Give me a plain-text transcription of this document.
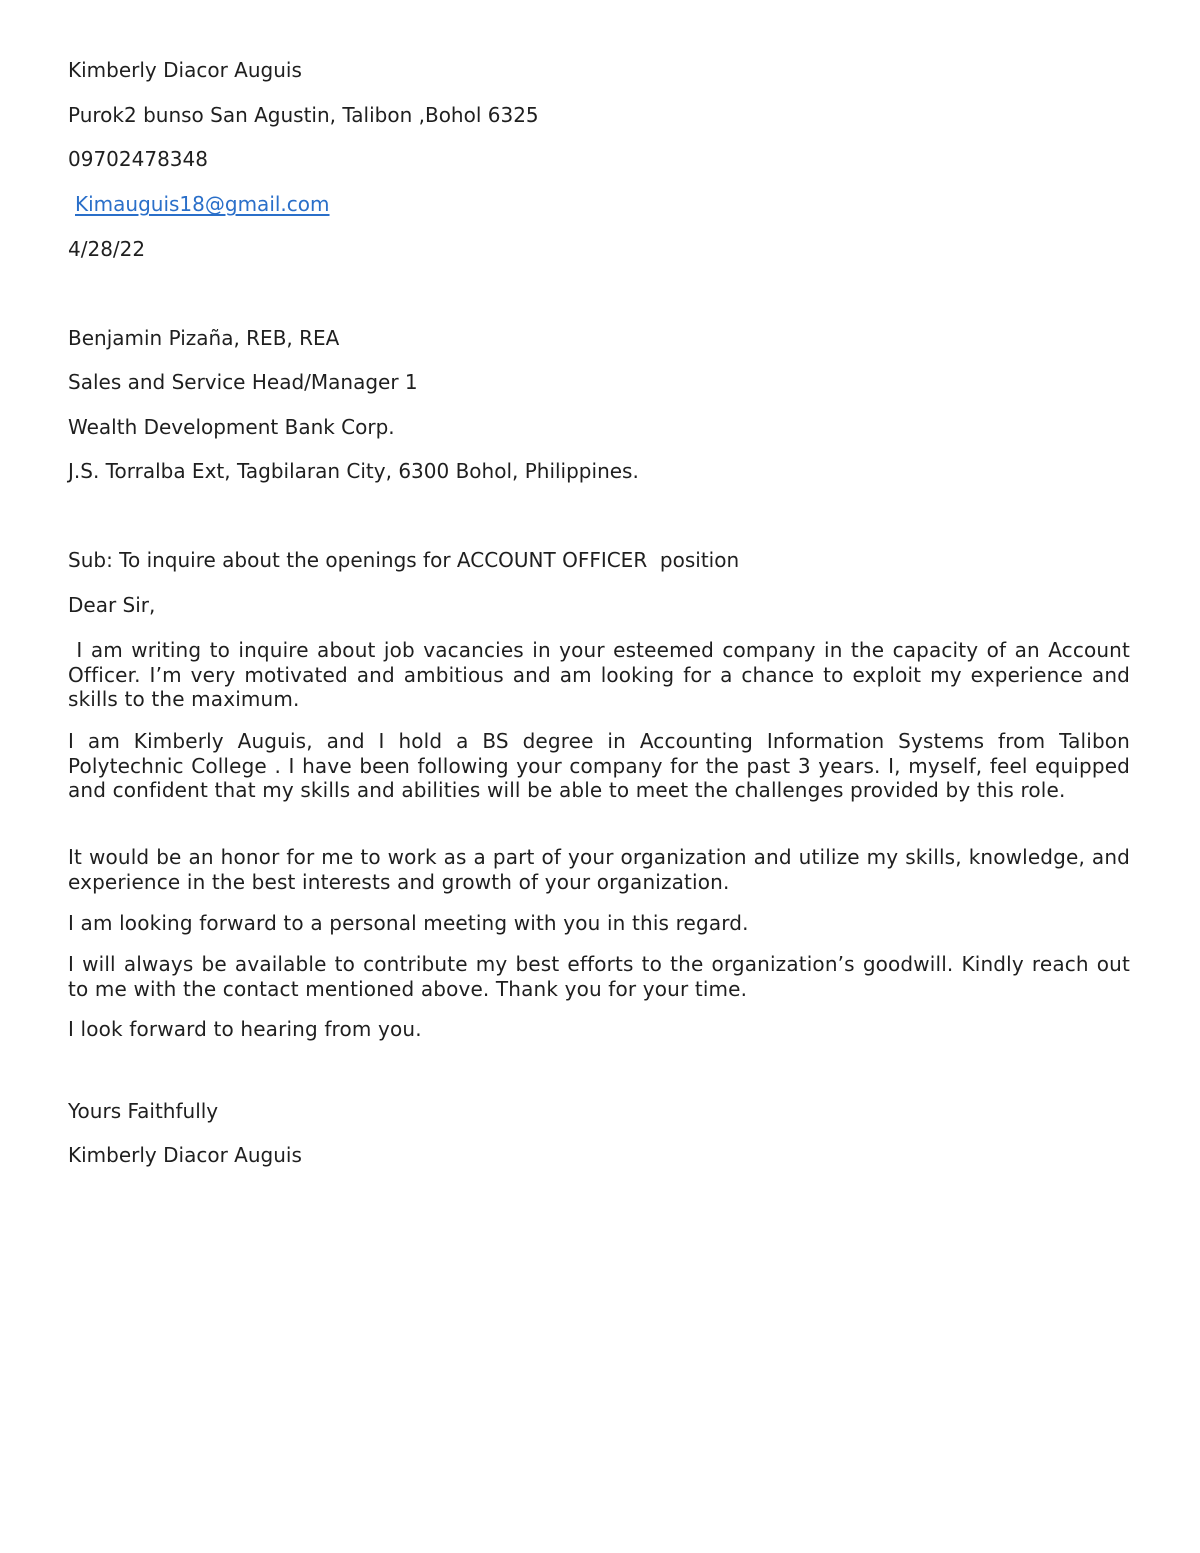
Kimberly Diacor Auguis
Purok2 bunso San Agustin, Talibon ,Bohol 6325
09702478348
Kimauguis18@gmail.com
4/28/22
Benjamin Pizaña, REB, REA
Sales and Service Head/Manager 1
Wealth Development Bank Corp.
J.S. Torralba Ext, Tagbilaran City, 6300 Bohol, Philippines.
Sub: To inquire about the openings for ACCOUNT OFFICER  position
Dear Sir,
I am writing to inquire about job vacancies in your esteemed company in the capacity of an Account Officer. I’m very motivated and ambitious and am looking for a chance to exploit my experience and skills to the maximum.
I am Kimberly Auguis, and I hold a BS degree in Accounting Information Systems from Talibon Polytechnic College . I have been following your company for the past 3 years. I, myself, feel equipped and confident that my skills and abilities will be able to meet the challenges provided by this role.
It would be an honor for me to work as a part of your organization and utilize my skills, knowledge, and experience in the best interests and growth of your organization.
I am looking forward to a personal meeting with you in this regard.
I will always be available to contribute my best efforts to the organization’s goodwill. Kindly reach out to me with the contact mentioned above. Thank you for your time.
I look forward to hearing from you.
Yours Faithfully
Kimberly Diacor Auguis
